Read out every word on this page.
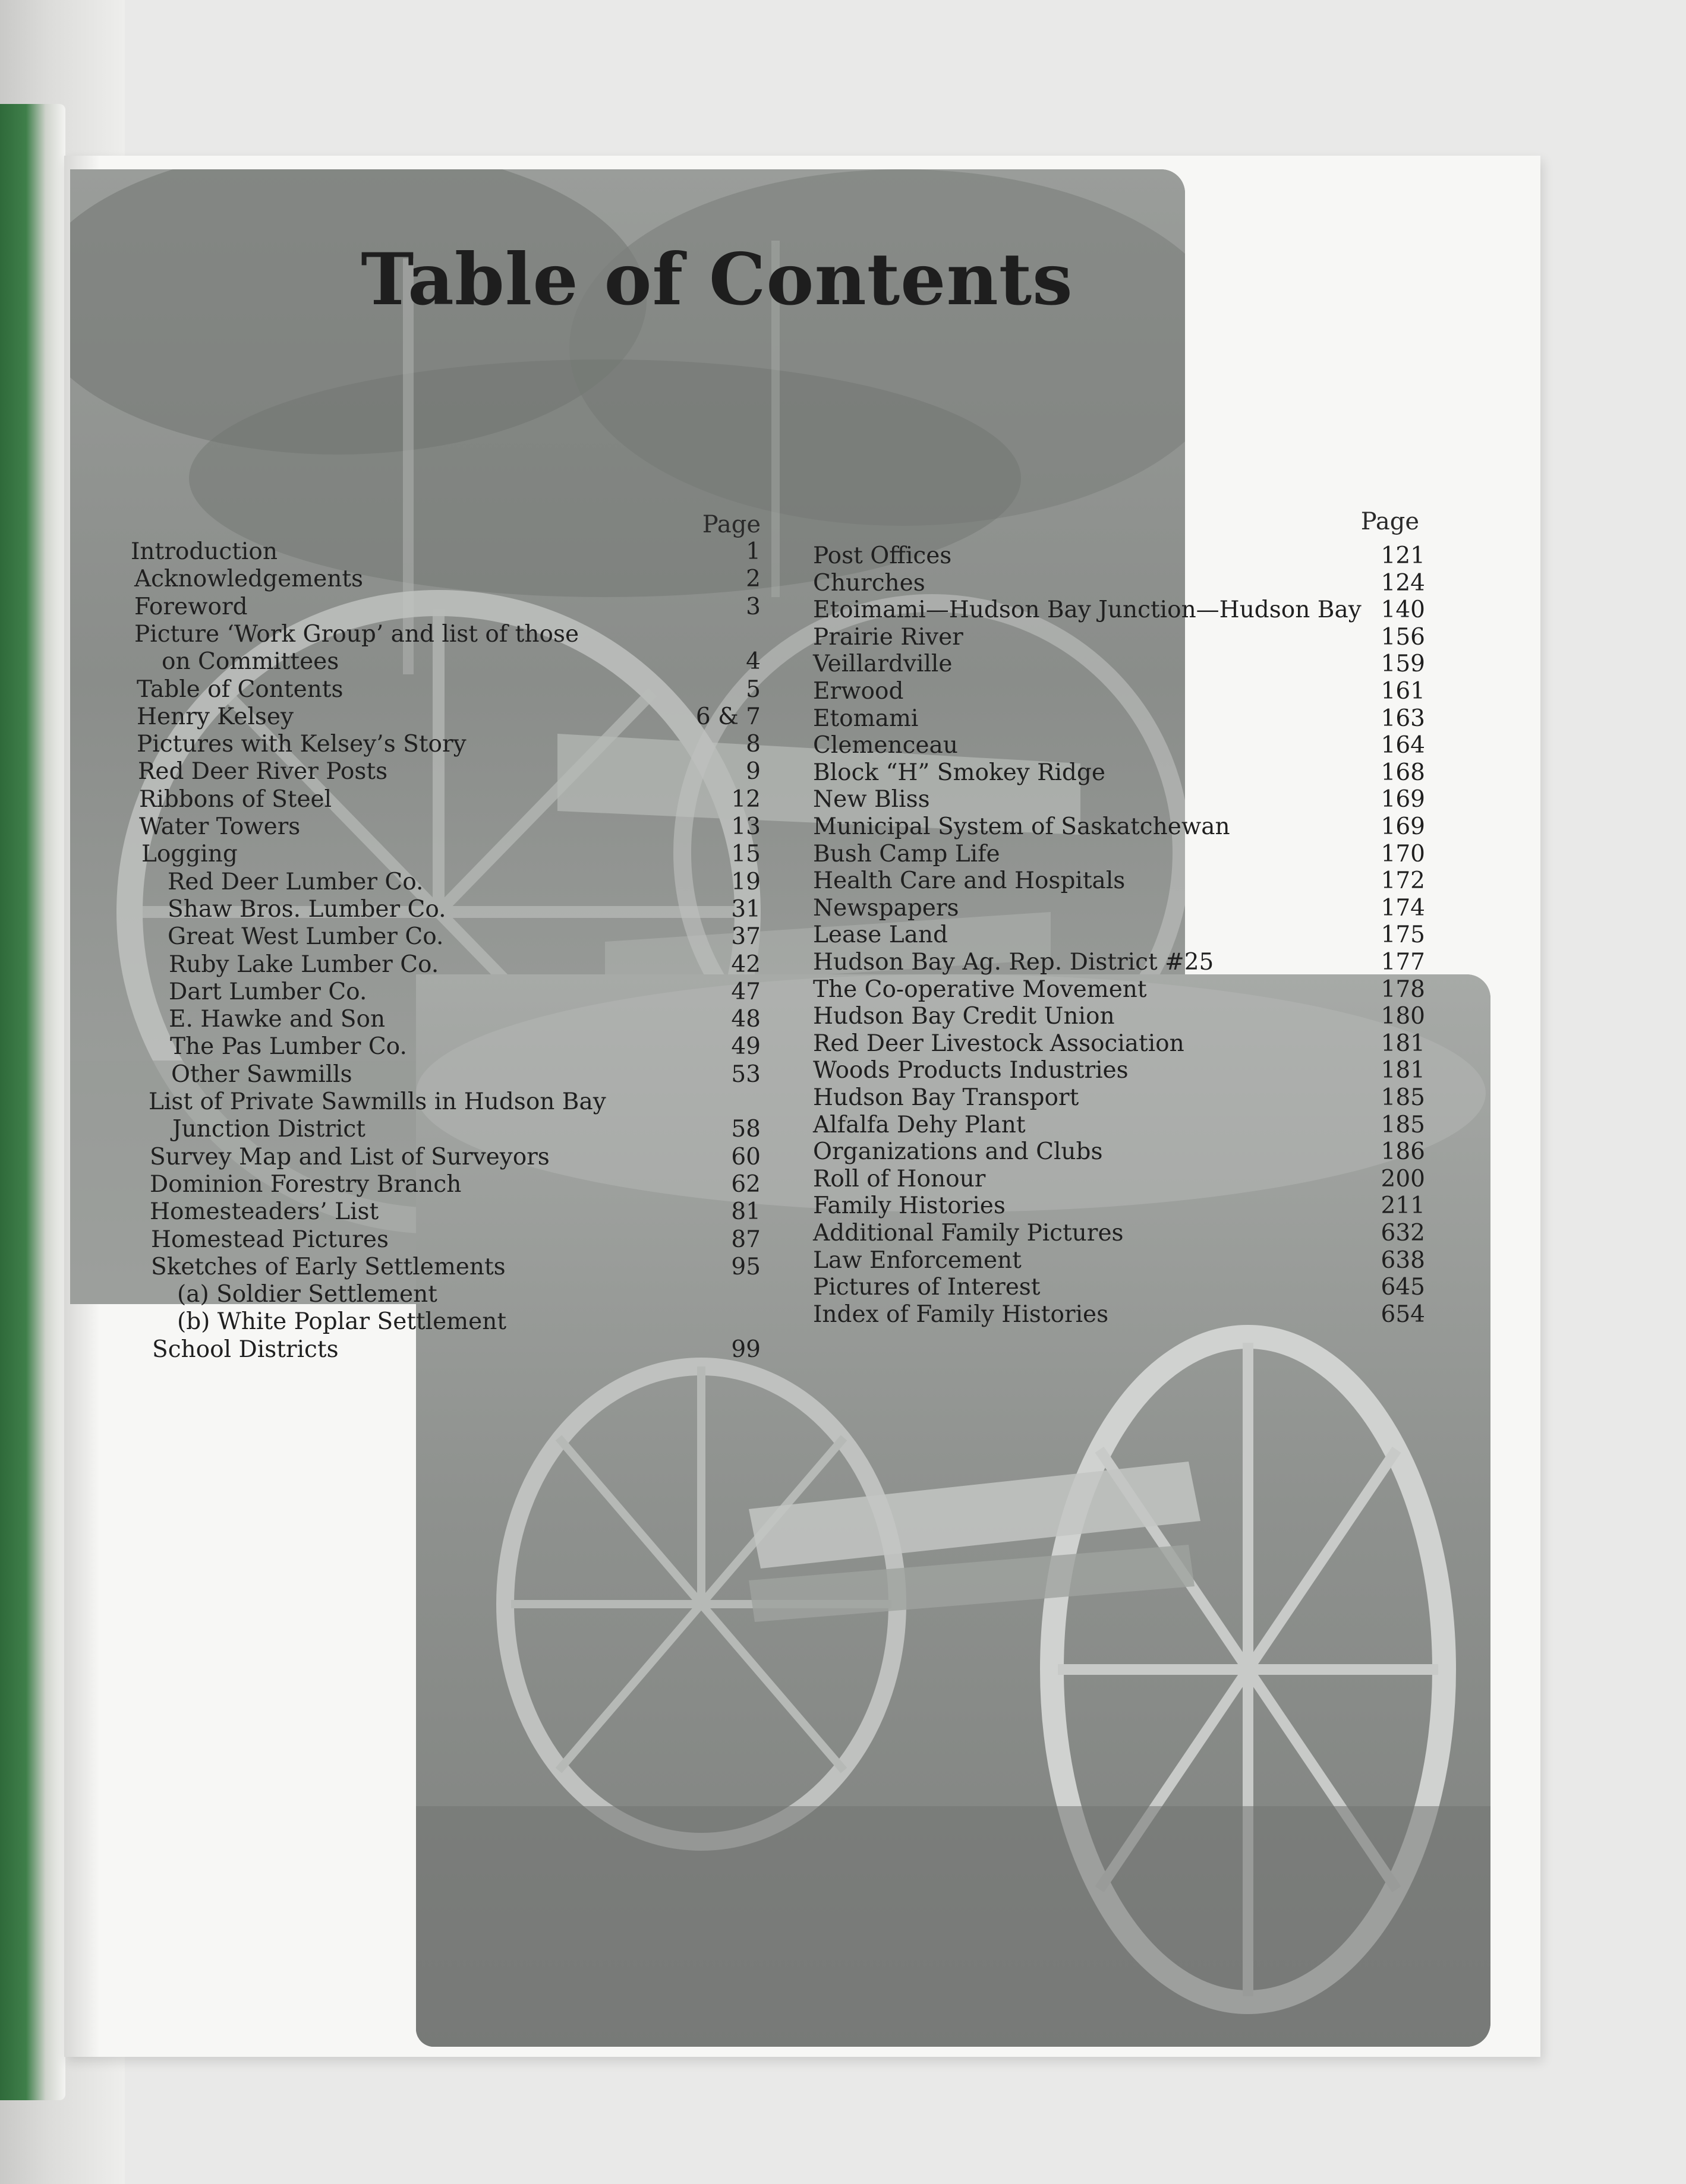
Table of Contents
Page
Introduction	1
Acknowledgements	2
Foreword	3
Picture ‘Work Group’ and list of those
on Committees	4
Table of Contents	5
Henry Kelsey	6 & 7
Pictures with Kelsey’s Story	8
Red Deer River Posts	9
Ribbons of Steel	12
Water Towers	13
Logging	15
Red Deer Lumber Co.	19
Shaw Bros. Lumber Co.	31
Great West Lumber Co.	37
Ruby Lake Lumber Co.	42
Dart Lumber Co.	47
E. Hawke and Son	48
The Pas Lumber Co.	49
Other Sawmills	53
List of Private Sawmills in Hudson Bay
Junction District	58
Survey Map and List of Surveyors	60
Dominion Forestry Branch	62
Homesteaders’ List	81
Homestead Pictures	87
Sketches of Early Settlements	95
(a) Soldier Settlement
(b) White Poplar Settlement
School Districts	99
Page
Post Offices	121
Churches	124
Etoimami—Hudson Bay Junction—Hudson Bay 140
Prairie River	156
Veillardville	159
Erwood	161
Etomami	163
Clemenceau	164
Block “H” Smokey Ridge	168
New Bliss	169
Municipal System of Saskatchewan	169
Bush Camp Life	170
Health Care and Hospitals	172
Newspapers	174
Lease Land	175
Hudson Bay Ag. Rep. District #25	177
The Co-operative Movement	178
Hudson Bay Credit Union	180
Red Deer Livestock Association	181
Woods Products Industries	181
Hudson Bay Transport	185
Alfalfa Dehy Plant	185
Organizations and Clubs	186
Roll of Honour	200
Family Histories	211
Additional Family Pictures	632
Law Enforcement	638
Pictures of Interest	645
Index of Family Histories	654
